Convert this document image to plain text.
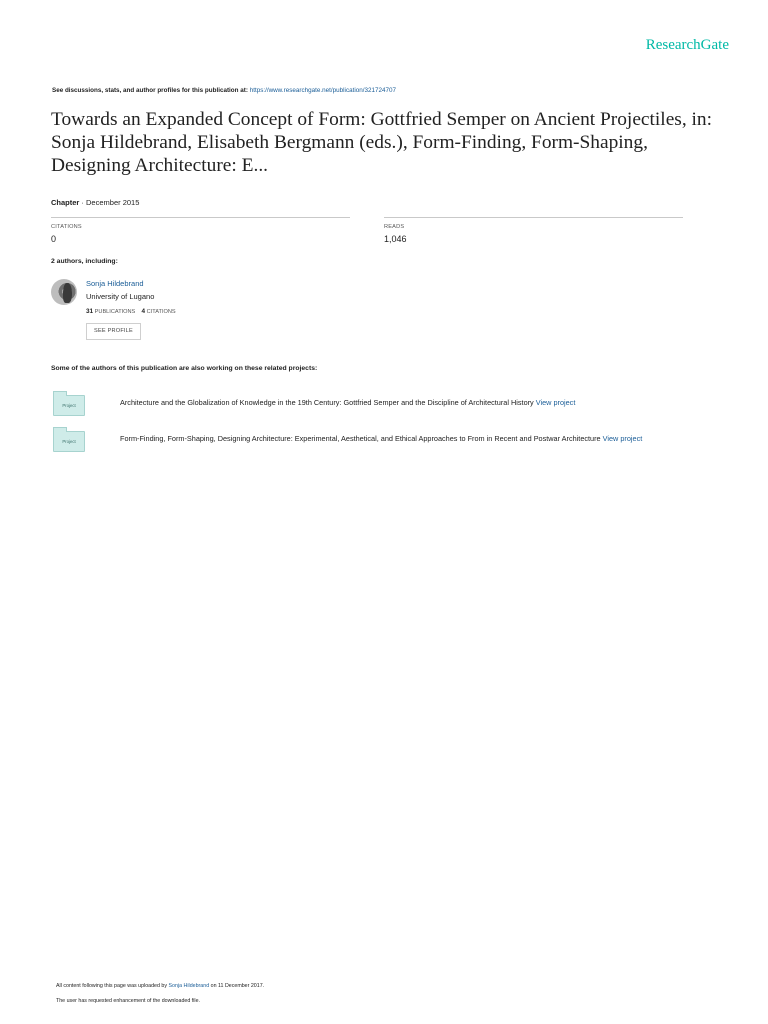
ResearchGate
See discussions, stats, and author profiles for this publication at: https://www.researchgate.net/publication/321724707
Towards an Expanded Concept of Form: Gottfried Semper on Ancient Projectiles, in: Sonja Hildebrand, Elisabeth Bergmann (eds.), Form-Finding, Form-Shaping, Designing Architecture: E...
Chapter · December 2015
CITATIONS
0
READS
1,046
2 authors, including:
Sonja Hildebrand
University of Lugano
31 PUBLICATIONS 4 CITATIONS
SEE PROFILE
Some of the authors of this publication are also working on these related projects:
Project	Architecture and the Globalization of Knowledge in the 19th Century: Gottfried Semper and the Discipline of Architectural History View project
Project	Form-Finding, Form-Shaping, Designing Architecture: Experimental, Aesthetical, and Ethical Approaches to From in Recent and Postwar Architecture View project
All content following this page was uploaded by Sonja Hildebrand on 11 December 2017.
The user has requested enhancement of the downloaded file.
